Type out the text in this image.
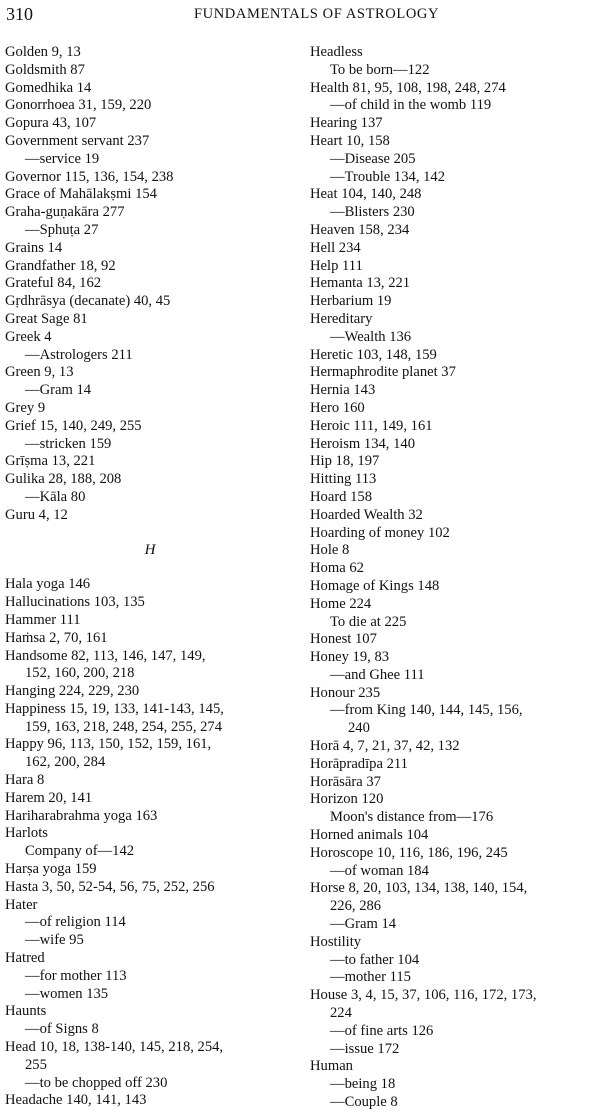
310	FUNDAMENTALS OF ASTROLOGY
Golden 9, 13
Goldsmith 87
Gomedhika 14
Gonorrhoea 31, 159, 220
Gopura 43, 107
Government servant 237
—service 19
Governor 115, 136, 154, 238
Grace of Mahālakṣmi 154
Graha-guṇakāra 277
—Sphuṭa 27
Grains 14
Grandfather 18, 92
Grateful 84, 162
Gṛdhrāsya (decanate) 40, 45
Great Sage 81
Greek 4
—Astrologers 211
Green 9, 13
—Gram 14
Grey 9
Grief 15, 140, 249, 255
—stricken 159
Grīṣma 13, 221
Gulika 28, 188, 208
—Kāla 80
Guru 4, 12
H
Hala yoga 146
Hallucinations 103, 135
Hammer 111
Haṁsa 2, 70, 161
Handsome 82, 113, 146, 147, 149,
152, 160, 200, 218
Hanging 224, 229, 230
Happiness 15, 19, 133, 141-143, 145,
159, 163, 218, 248, 254, 255, 274
Happy 96, 113, 150, 152, 159, 161,
162, 200, 284
Hara 8
Harem 20, 141
Hariharabrahma yoga 163
Harlots
Company of—142
Harṣa yoga 159
Hasta 3, 50, 52-54, 56, 75, 252, 256
Hater
—of religion 114
—wife 95
Hatred
—for mother 113
—women 135
Haunts
—of Signs 8
Head 10, 18, 138-140, 145, 218, 254,
255
—to be chopped off 230
Headache 140, 141, 143
Headless
To be born—122
Health 81, 95, 108, 198, 248, 274
—of child in the womb 119
Hearing 137
Heart 10, 158
—Disease 205
—Trouble 134, 142
Heat 104, 140, 248
—Blisters 230
Heaven 158, 234
Hell 234
Help 111
Hemanta 13, 221
Herbarium 19
Hereditary
—Wealth 136
Heretic 103, 148, 159
Hermaphrodite planet 37
Hernia 143
Hero 160
Heroic 111, 149, 161
Heroism 134, 140
Hip 18, 197
Hitting 113
Hoard 158
Hoarded Wealth 32
Hoarding of money 102
Hole 8
Homa 62
Homage of Kings 148
Home 224
To die at 225
Honest 107
Honey 19, 83
—and Ghee 111
Honour 235
—from King 140, 144, 145, 156,
240
Horā 4, 7, 21, 37, 42, 132
Horāpradīpa 211
Horāsāra 37
Horizon 120
Moon's distance from—176
Horned animals 104
Horoscope 10, 116, 186, 196, 245
—of woman 184
Horse 8, 20, 103, 134, 138, 140, 154,
226, 286
—Gram 14
Hostility
—to father 104
—mother 115
House 3, 4, 15, 37, 106, 116, 172, 173,
224
—of fine arts 126
—issue 172
Human
—being 18
—Couple 8
